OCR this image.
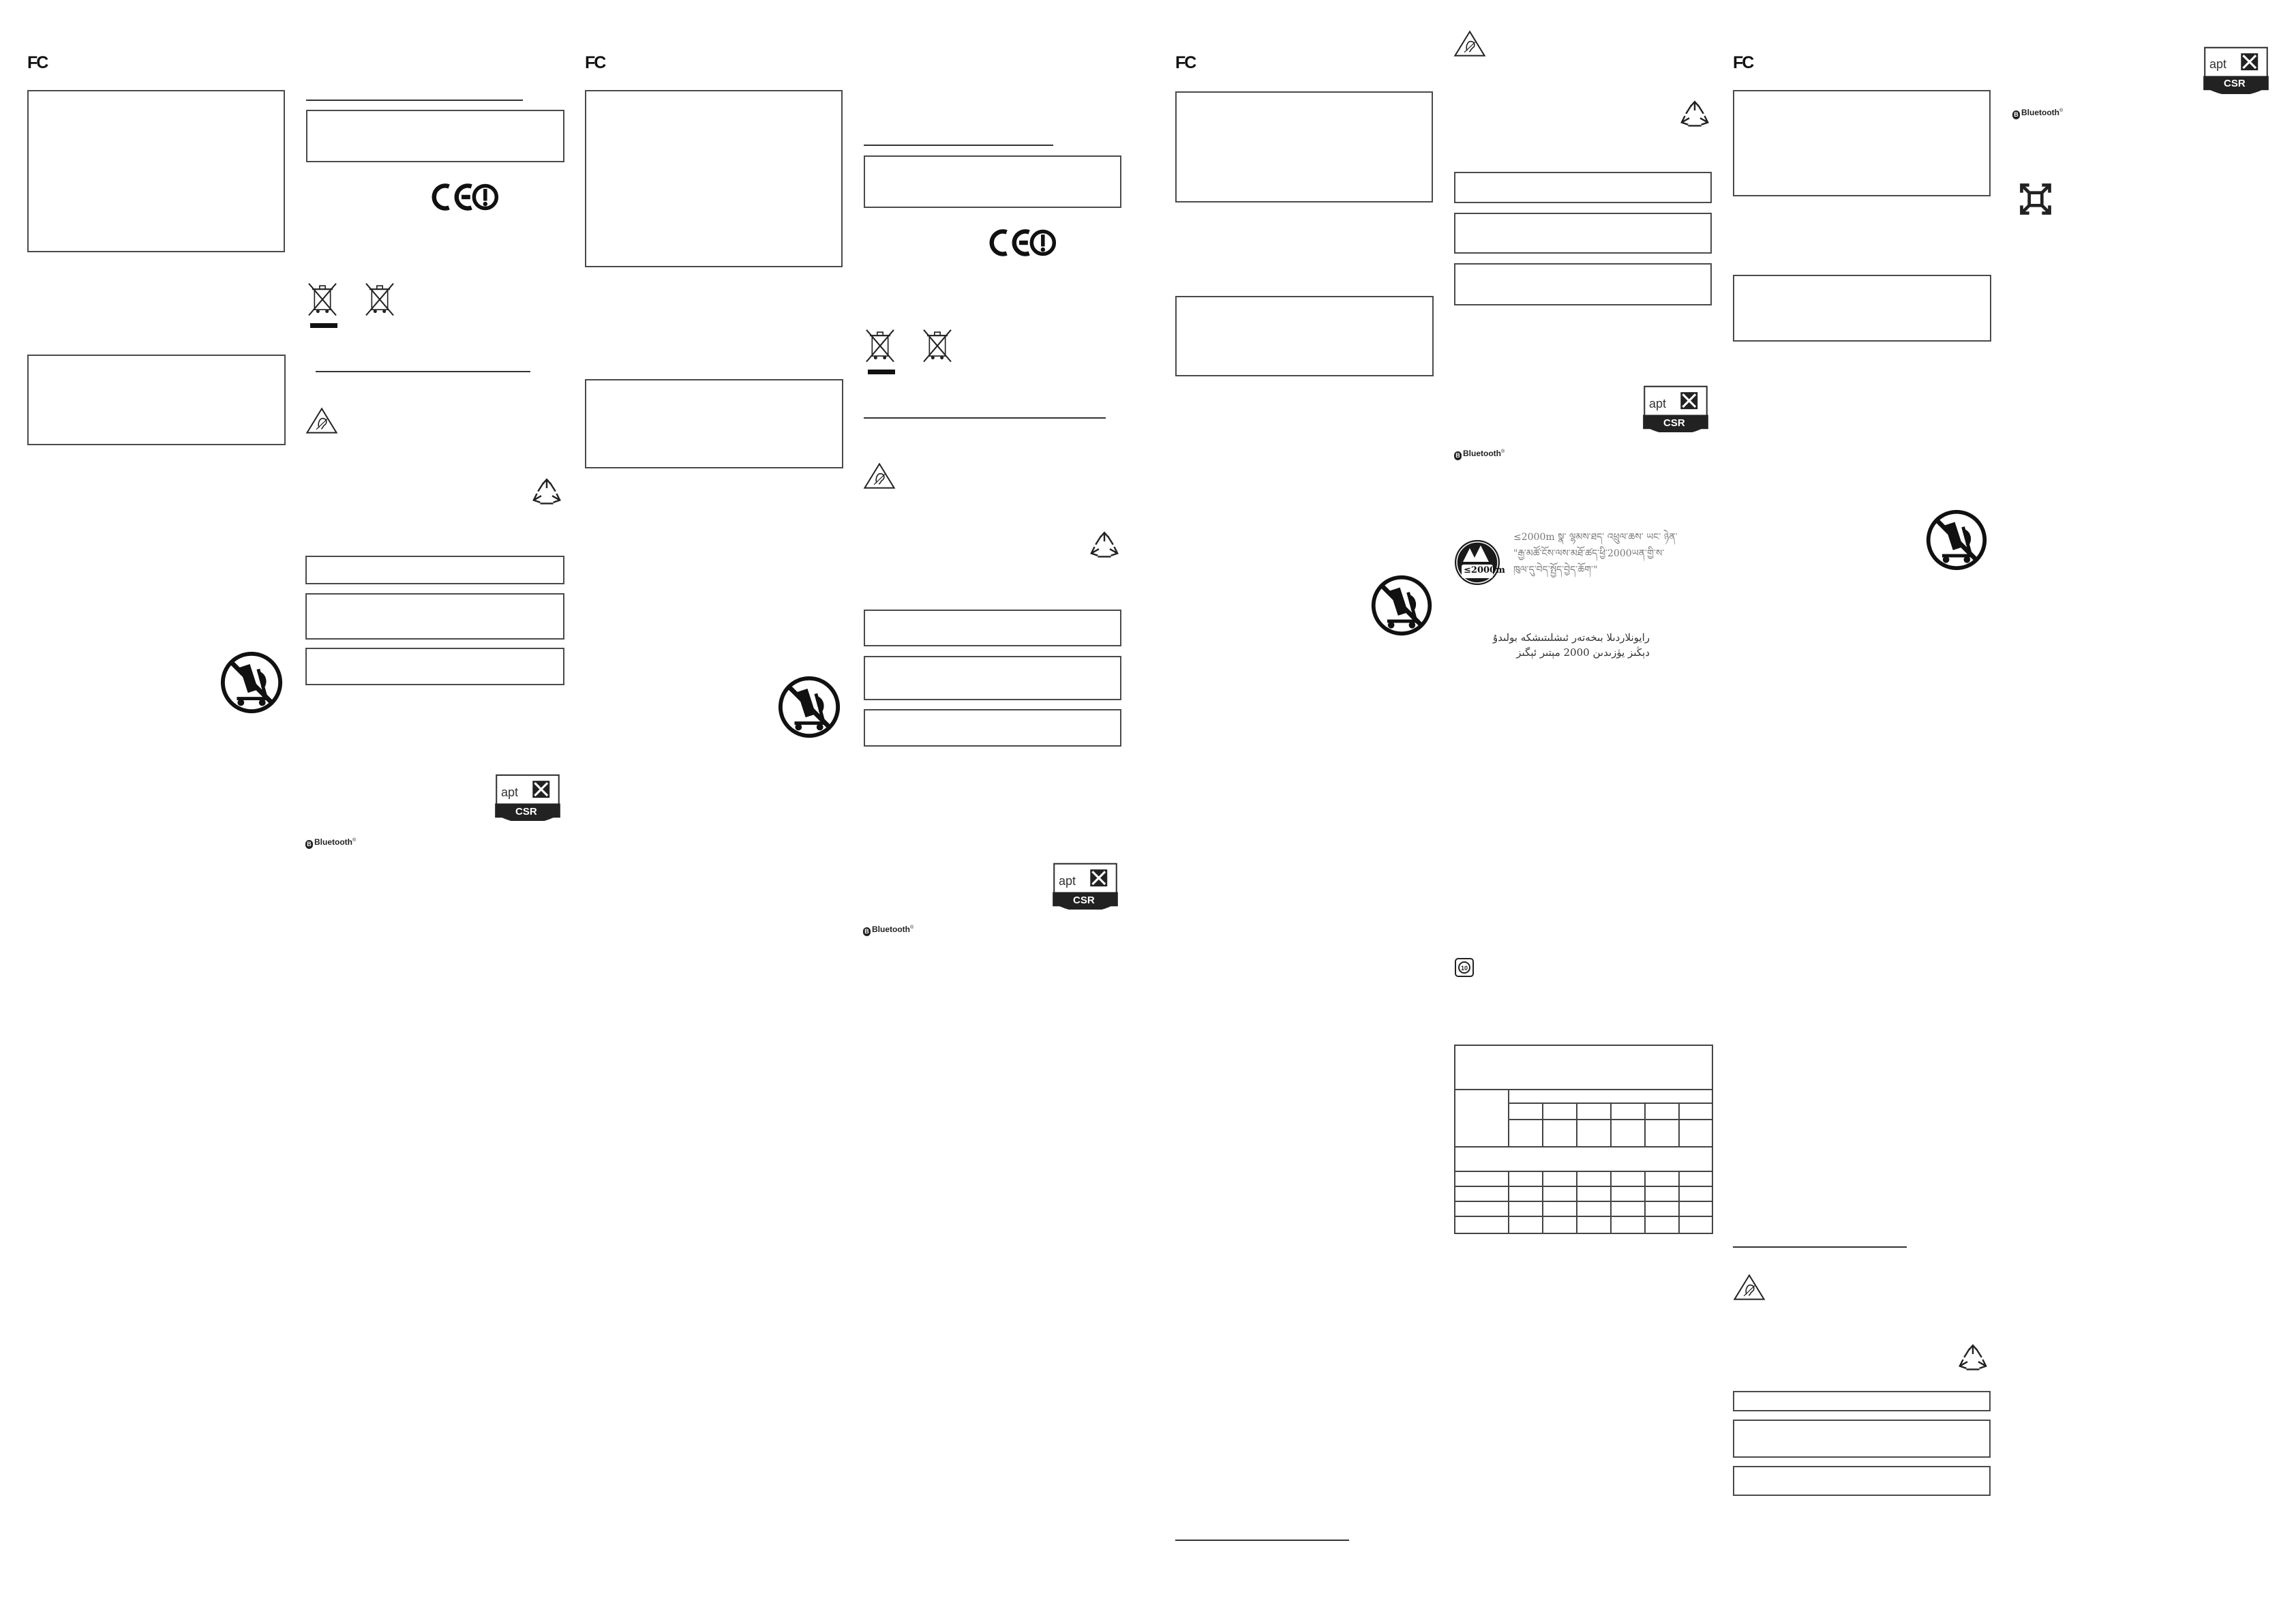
FC
apt
CSR
B Bluetooth®
FC
apt
CSR
B Bluetooth®
FC
apt
CSR
B Bluetooth®
≤2000m
≤2000m སྣ་ ལྷམས་ཐད་ འཕྲུལ་ཆས་ ཡང་ ཉེན་
"རྒྱ་མཚོ་ངོས་ལས་མཐོ་ཚད་ཕྱི་2000ཡན་གྱི་ས་
ཁུལ་དུ་བེད་སྤྱོད་བྱེད་ཆོག་"
رايونلاردىلا بىخەتەر ئىشلىتىشكە بولىدۇ
دېڭىز يۈزىدىن 2000 مېتىر ئېگىز
FC
B Bluetooth®
apt
CSR
